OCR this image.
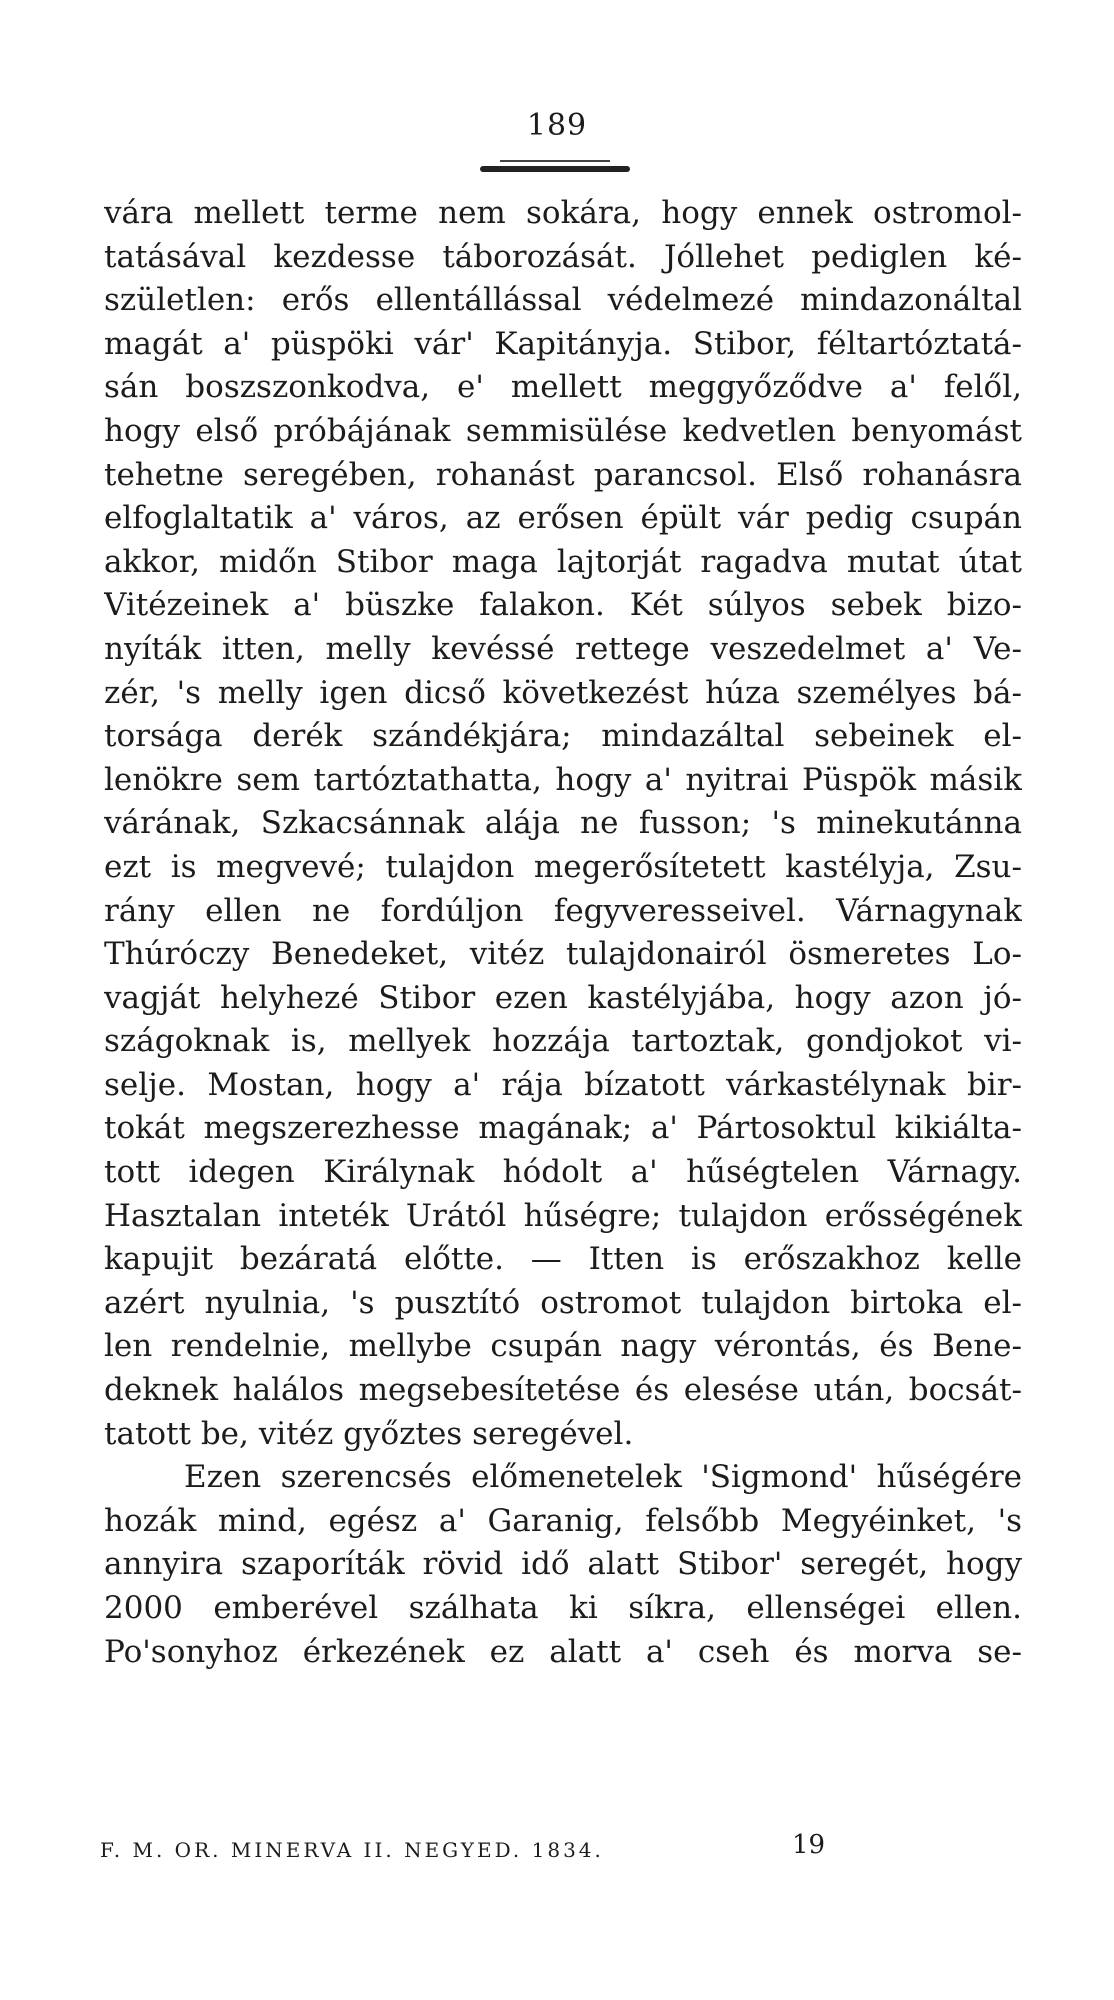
189
vára mellett terme nem sokára, hogy ennek ostromol-
tatásával kezdesse táborozását. Jóllehet pediglen ké-
születlen: erős ellentállással védelmezé mindazonáltal
magát a' püspöki vár' Kapitányja. Stibor, féltartóztatá-
sán boszszonkodva, e' mellett meggyőződve a' felől,
hogy első próbájának semmisülése kedvetlen benyomást
tehetne seregében, rohanást parancsol. Első rohanásra
elfoglaltatik a' város, az erősen épült vár pedig csupán
akkor, midőn Stibor maga lajtorját ragadva mutat útat
Vitézeinek a' büszke falakon. Két súlyos sebek bizo-
nyíták itten, melly kevéssé rettege veszedelmet a' Ve-
zér, 's melly igen dicső következést húza személyes bá-
torsága derék szándékjára; mindazáltal sebeinek el-
lenökre sem tartóztathatta, hogy a' nyitrai Püspök másik
várának, Szkacsánnak alája ne fusson; 's minekutánna
ezt is megvevé; tulajdon megerősítetett kastélyja, Zsu-
rány ellen ne fordúljon fegyveresseivel. Várnagynak
Thúróczy Benedeket, vitéz tulajdonairól ösmeretes Lo-
vagját helyhezé Stibor ezen kastélyjába, hogy azon jó-
szágoknak is, mellyek hozzája tartoztak, gondjokot vi-
selje. Mostan, hogy a' rája bízatott várkastélynak bir-
tokát megszerezhesse magának; a' Pártosoktul kikiálta-
tott idegen Királynak hódolt a' hűségtelen Várnagy.
Hasztalan inteték Urától hűségre; tulajdon erősségének
kapujit bezáratá előtte. — Itten is erőszakhoz kelle
azért nyulnia, 's pusztító ostromot tulajdon birtoka el-
len rendelnie, mellybe csupán nagy vérontás, és Bene-
deknek halálos megsebesítetése és elesése után, bocsát-
tatott be, vitéz győztes seregével.
Ezen szerencsés előmenetelek 'Sigmond' hűségére
hozák mind, egész a' Garanig, felsőbb Megyéinket, 's
annyira szaporíták rövid idő alatt Stibor' seregét, hogy
2000 emberével szálhata ki síkra, ellenségei ellen.
Po'sonyhoz érkezének ez alatt a' cseh és morva se-
F. M. OR. MINERVA II. NEGYED. 1834.	19
